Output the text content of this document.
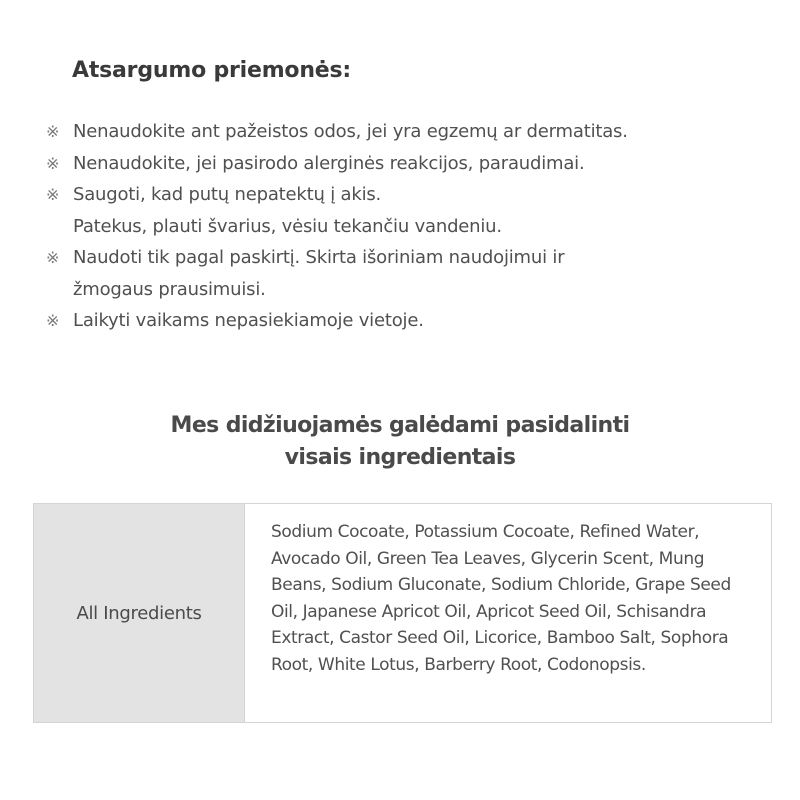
Atsargumo priemonės:
※ Nenaudokite ant pažeistos odos, jei yra egzemų ar dermatitas.
※ Nenaudokite, jei pasirodo alerginės reakcijos, paraudimai.
※ Saugoti, kad putų nepatektų į akis.
Patekus, plauti švarius, vėsiu tekančiu vandeniu.
※ Naudoti tik pagal paskirtį. Skirta išoriniam naudojimui ir
žmogaus prausimuisi.
※ Laikyti vaikams nepasiekiamoje vietoje.
Mes didžiuojamės galėdami pasidalinti
visais ingredientais
All Ingredients

Sodium Cocoate, Potassium Cocoate, Refined Water, Avocado Oil, Green Tea Leaves, Glycerin Scent, Mung Beans, Sodium Gluconate, Sodium Chloride, Grape Seed Oil, Japanese Apricot Oil, Apricot Seed Oil, Schisandra Extract, Castor Seed Oil, Licorice, Bamboo Salt, Sophora Root, White Lotus, Barberry Root, Codonopsis.
